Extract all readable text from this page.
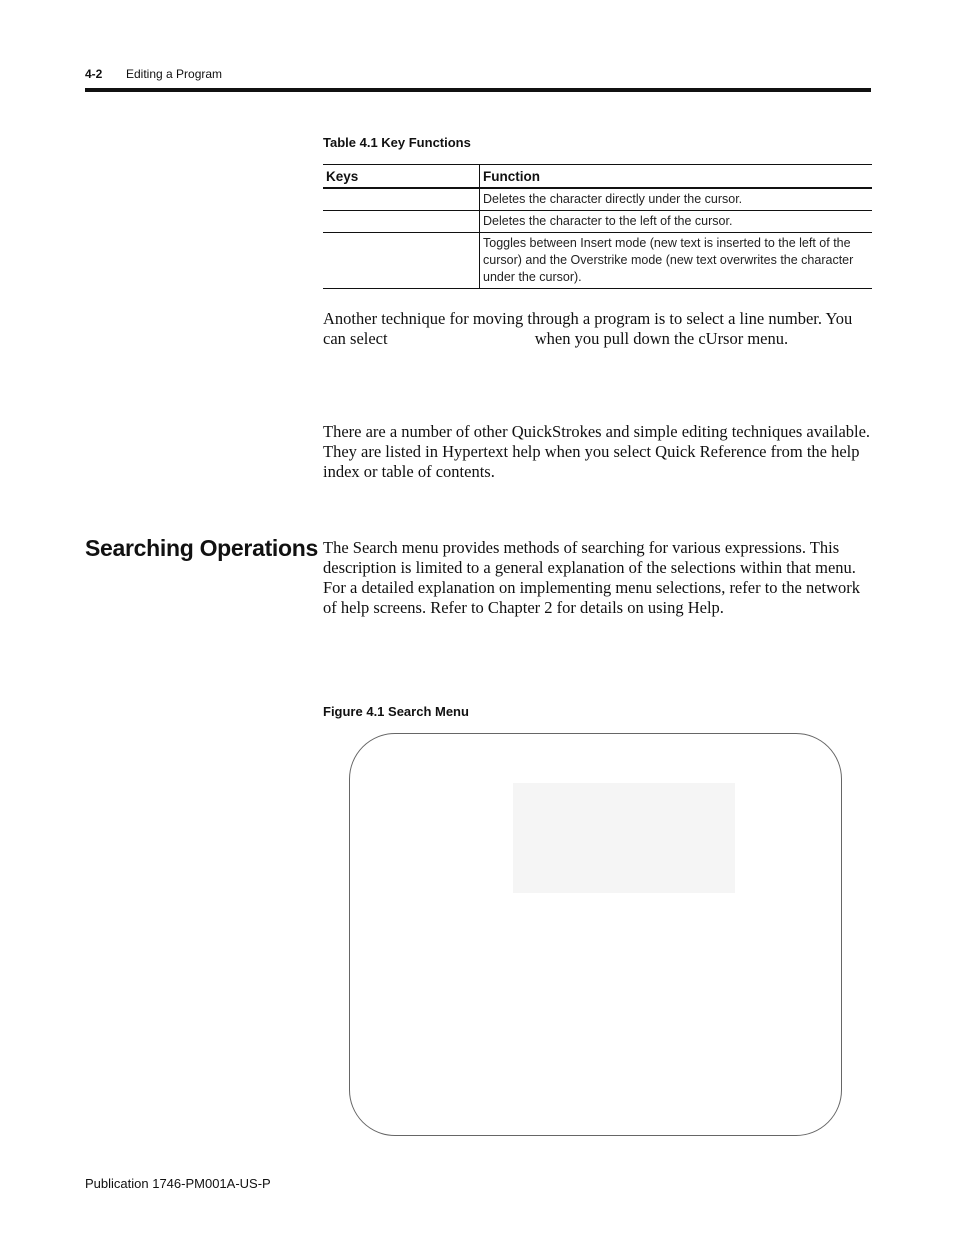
4-2 Editing a Program
Table 4.1 Key Functions
Keys	Function
	Deletes the character directly under the cursor.
	Deletes the character to the left of the cursor.
	Toggles between Insert mode (new text is inserted to the left of the cursor) and the Overstrike mode (new text overwrites the character under the cursor).
Another technique for moving through a program is to select a line number. You can select	when you pull down the cUrsor menu.
There are a number of other QuickStrokes and simple editing techniques available. They are listed in Hypertext help when you select Quick Reference from the help index or table of contents.
Searching Operations The Search menu provides methods of searching for various expressions. This description is limited to a general explanation of the selections within that menu. For a detailed explanation on implementing menu selections, refer to the network of help screens. Refer to Chapter 2 for details on using Help.
Figure 4.1 Search Menu
Publication 1746-PM001A-US-P
